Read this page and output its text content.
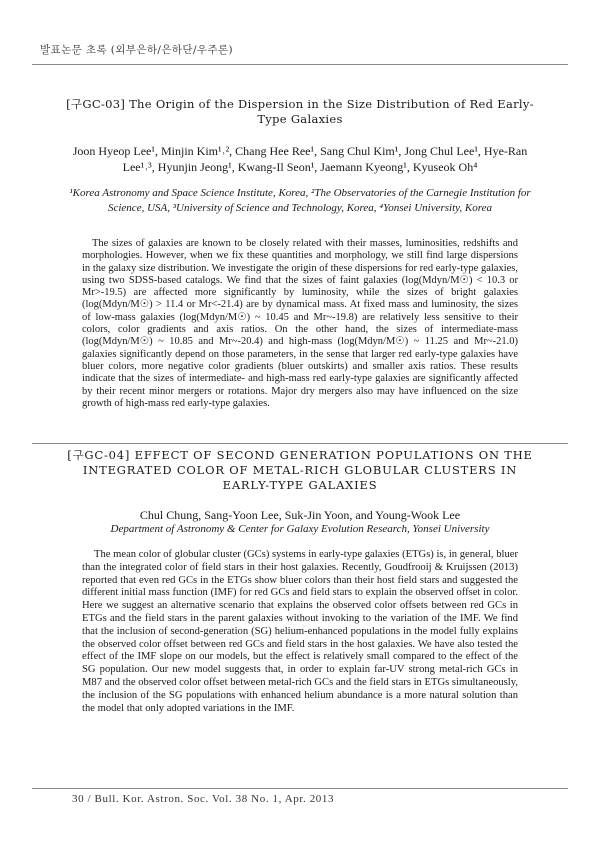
발표논문 초록 (외부은하/은하단/우주론)
[구GC-03] The Origin of the Dispersion in the Size Distribution of Red Early-Type Galaxies
Joon Hyeop Lee¹, Minjin Kim¹˒², Chang Hee Ree¹, Sang Chul Kim¹, Jong Chul Lee¹, Hye-Ran Lee¹˒³, Hyunjin Jeong¹, Kwang-Il Seon¹, Jaemann Kyeong¹, Kyuseok Oh⁴
¹Korea Astronomy and Space Science Institute, Korea, ²The Observatories of the Carnegie Institution for Science, USA, ³University of Science and Technology, Korea, ⁴Yonsei University, Korea

The sizes of galaxies are known to be closely related with their masses, luminosities, redshifts and morphologies. However, when we fix these quantities and morphology, we still find large dispersions in the galaxy size distribution. We investigate the origin of these dispersions for red early-type galaxies, using two SDSS-based catalogs. We find that the sizes of faint galaxies (log(Mdyn/M☉) < 10.3 or Mr>-19.5) are affected more significantly by luminosity, while the sizes of bright galaxies (log(Mdyn/M☉) > 11.4 or Mr<-21.4) are by dynamical mass. At fixed mass and luminosity, the sizes of low-mass galaxies (log(Mdyn/M☉) ~ 10.45 and Mr~-19.8) are relatively less sensitive to their colors, color gradients and axis ratios. On the other hand, the sizes of intermediate-mass (log(Mdyn/M☉) ~ 10.85 and Mr~-20.4) and high-mass (log(Mdyn/M☉) ~ 11.25 and Mr~-21.0) galaxies significantly depend on those parameters, in the sense that larger red early-type galaxies have bluer colors, more negative color gradients (bluer outskirts) and smaller axis ratios. These results indicate that the sizes of intermediate- and high-mass red early-type galaxies are significantly affected by their recent minor mergers or rotations. Major dry mergers also may have influenced on the size growth of high-mass red early-type galaxies.

[구GC-04] EFFECT OF SECOND GENERATION POPULATIONS ON THE INTEGRATED COLOR OF METAL-RICH GLOBULAR CLUSTERS IN EARLY-TYPE GALAXIES
Chul Chung, Sang-Yoon Lee, Suk-Jin Yoon, and Young-Wook Lee
Department of Astronomy & Center for Galaxy Evolution Research, Yonsei University

The mean color of globular cluster (GCs) systems in early-type galaxies (ETGs) is, in general, bluer than the integrated color of field stars in their host galaxies. Recently, Goudfrooij & Kruijssen (2013) reported that even red GCs in the ETGs show bluer colors than their host field stars and suggested the different initial mass function (IMF) for red GCs and field stars to explain the observed offset in color. Here we suggest an alternative scenario that explains the observed color offsets between red GCs in ETGs and the field stars in the parent galaxies without invoking to the variation of the IMF. We find that the inclusion of second-generation (SG) helium-enhanced populations in the model fully explains the observed color offset between red GCs and field stars in the host galaxies. We have also tested the effect of the IMF slope on our models, but the effect is relatively small compared to the effect of the SG population. Our new model suggests that, in order to explain far-UV strong metal-rich GCs in M87 and the observed color offset between metal-rich GCs and the field stars in ETGs simultaneously, the inclusion of the SG populations with enhanced helium abundance is a more natural solution than the model that only adopted variations in the IMF.

30 / Bull. Kor. Astron. Soc. Vol. 38 No. 1, Apr. 2013
